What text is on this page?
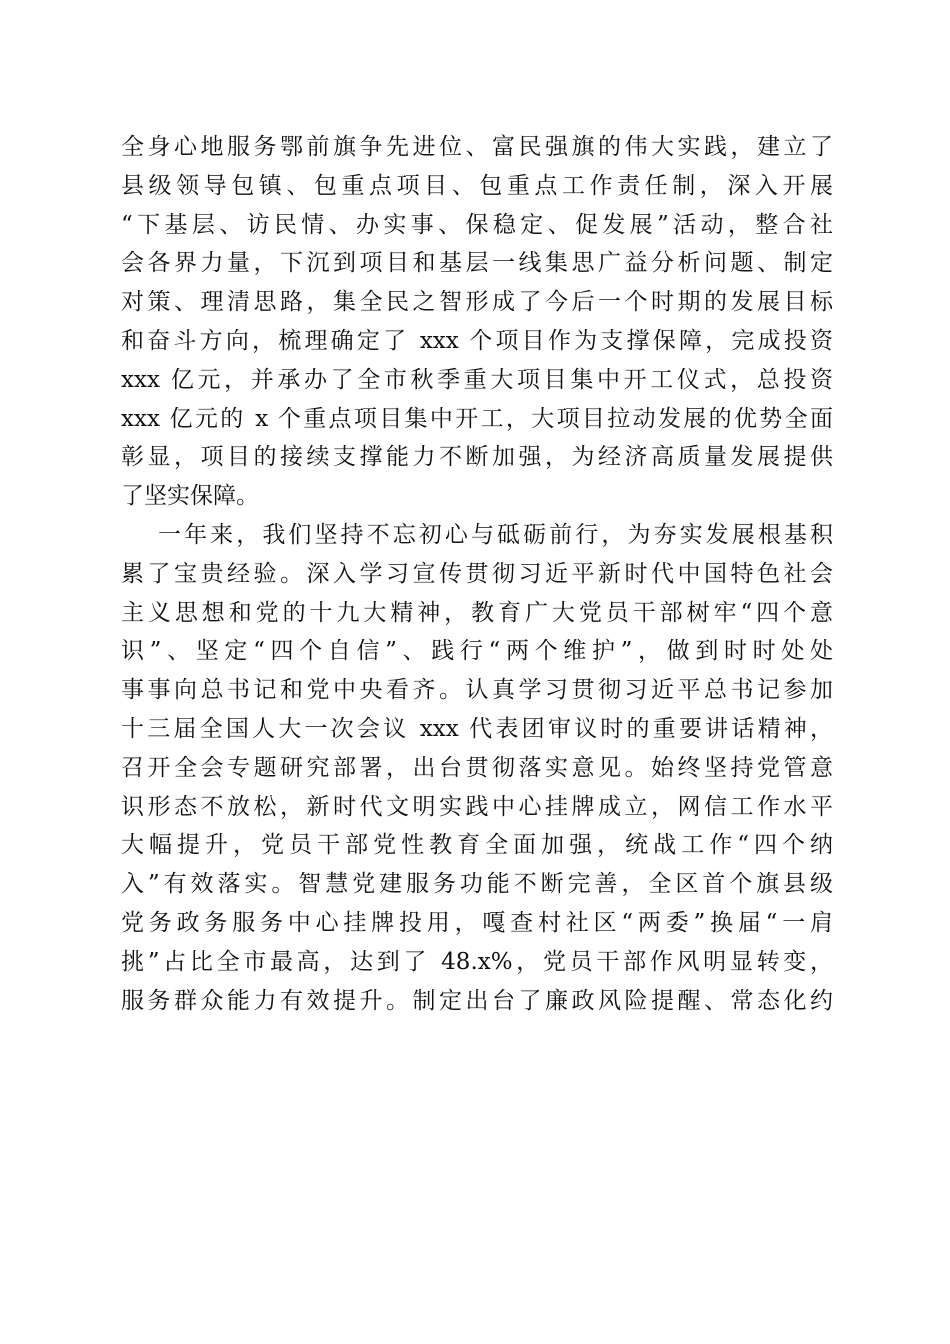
全身心地服务鄂前旗争先进位、富民强旗的伟大实践，建立了
县级领导包镇、包重点项目、包重点工作责任制，深入开展
“下基层、访民情、办实事、保稳定、促发展”活动，整合社
会各界力量，下沉到项目和基层一线集思广益分析问题、制定
对策、理清思路，集全民之智形成了今后一个时期的发展目标
和奋斗方向，梳理确定了 xxx 个项目作为支撑保障，完成投资
xxx 亿元，并承办了全市秋季重大项目集中开工仪式，总投资
xxx 亿元的 x 个重点项目集中开工，大项目拉动发展的优势全面
彰显，项目的接续支撑能力不断加强，为经济高质量发展提供
了坚实保障。
一年来，我们坚持不忘初心与砥砺前行，为夯实发展根基积
累了宝贵经验。深入学习宣传贯彻习近平新时代中国特色社会
主义思想和党的十九大精神，教育广大党员干部树牢“四个意
识”、坚定“四个自信”、践行“两个维护”，做到时时处处
事事向总书记和党中央看齐。认真学习贯彻习近平总书记参加
十三届全国人大一次会议 xxx 代表团审议时的重要讲话精神，
召开全会专题研究部署，出台贯彻落实意见。始终坚持党管意
识形态不放松，新时代文明实践中心挂牌成立，网信工作水平
大幅提升，党员干部党性教育全面加强，统战工作“四个纳
入”有效落实。智慧党建服务功能不断完善，全区首个旗县级
党务政务服务中心挂牌投用，嘎查村社区“两委”换届“一肩
挑”占比全市最高，达到了 48.x%，党员干部作风明显转变，
服务群众能力有效提升。制定出台了廉政风险提醒、常态化约
